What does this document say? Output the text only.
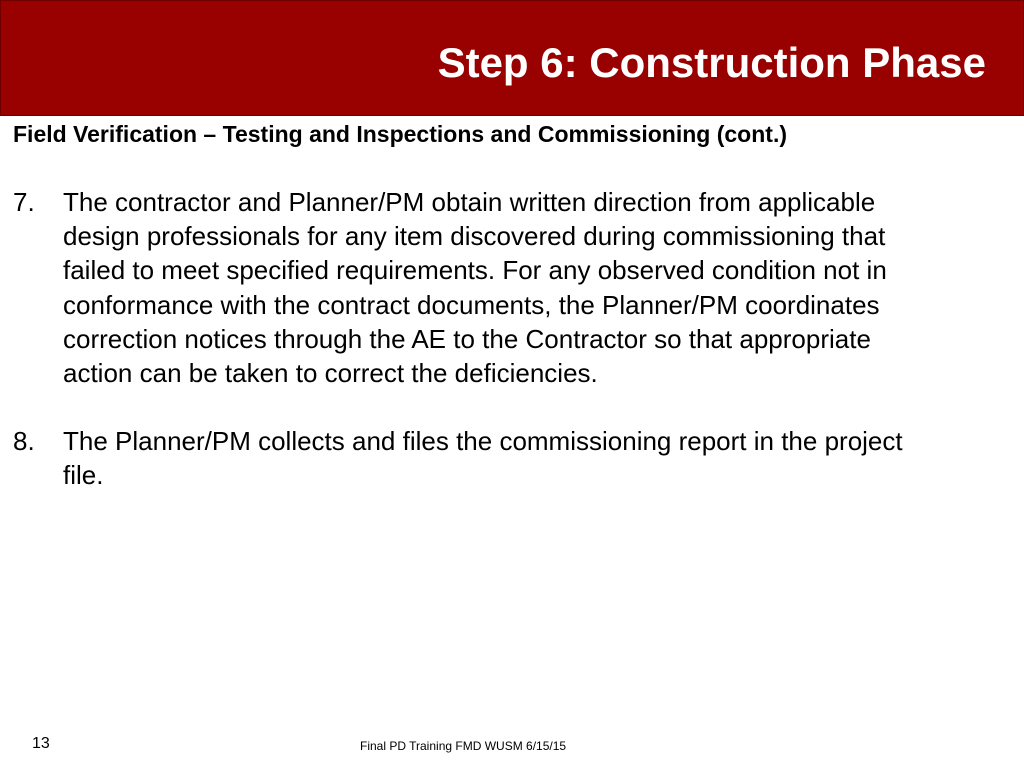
Step 6: Construction Phase
Field Verification – Testing and Inspections and Commissioning (cont.)
7. The contractor and Planner/PM obtain written direction from applicable
design professionals for any item discovered during commissioning that
failed to meet specified requirements. For any observed condition not in
conformance with the contract documents, the Planner/PM coordinates
correction notices through the AE to the Contractor so that appropriate
action can be taken to correct the deficiencies.
8. The Planner/PM collects and files the commissioning report in the project
file.
13	Final PD Training FMD WUSM 6/15/15
